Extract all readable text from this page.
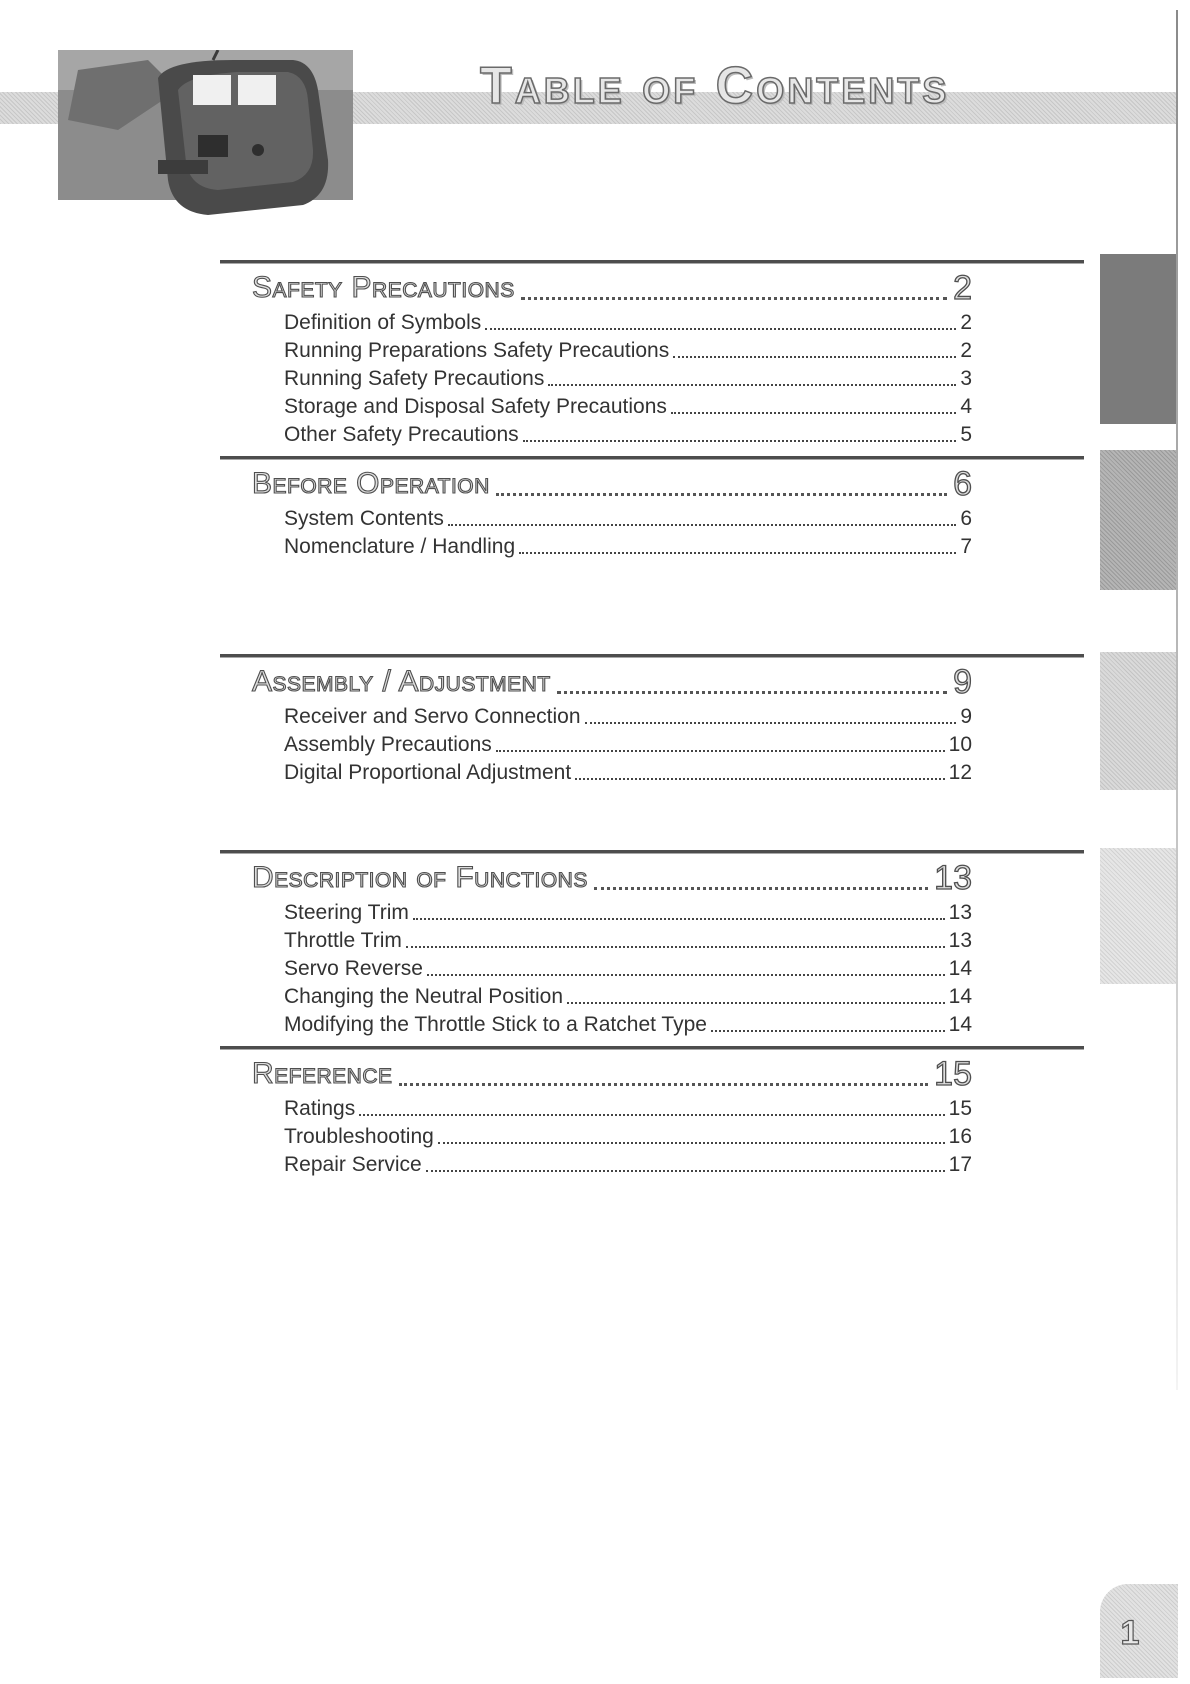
Table of Contents
Safety Precautions	2
Definition of Symbols	2
Running Preparations Safety Precautions	2
Running Safety Precautions	3
Storage and Disposal Safety Precautions	4
Other Safety Precautions	5
Before Operation	6
System Contents	6
Nomenclature / Handling	7
Assembly / Adjustment	9
Receiver and Servo Connection	9
Assembly Precautions	10
Digital Proportional Adjustment	12
Description of Functions	13
Steering Trim	13
Throttle Trim	13
Servo Reverse	14
Changing the Neutral Position	14
Modifying the Throttle Stick to a Ratchet Type	14
Reference	15
Ratings	15
Troubleshooting	16
Repair Service	17
1
